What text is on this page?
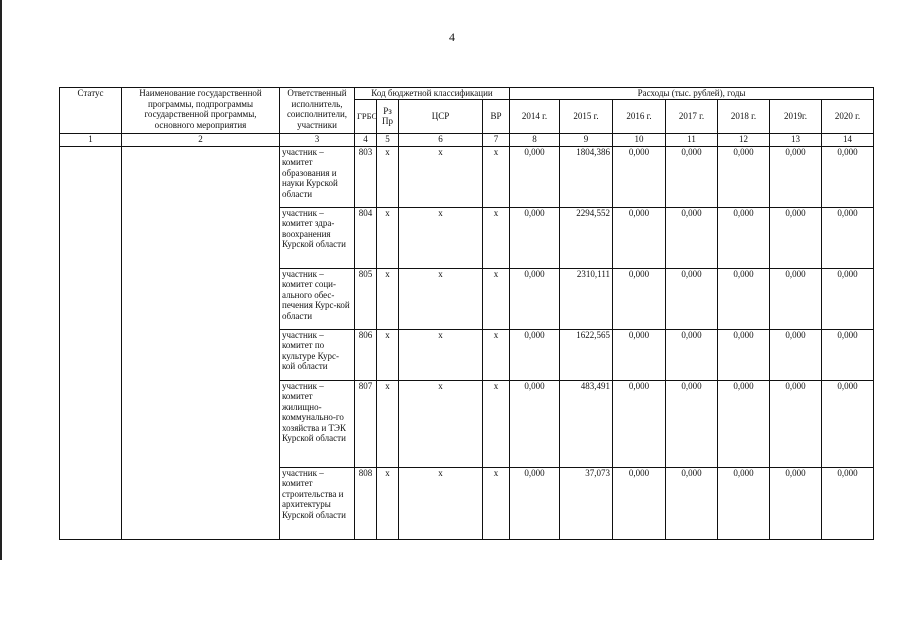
4
Статус	Наименование государственной программы, подпрограммы государственной программы, основного мероприятия	Ответственный исполнитель, соисполнители, участники	Код бюджетной классификации				Расходы (тыс. рублей), годы						
			ГРБС	Рз Пр	ЦСР	ВР	2014 г.	2015 г.	2016 г.	2017 г.	2018 г.	2019г.	2020 г.
1	2	3	4	5	6	7	8	9	10	11	12	13	14
		участник – комитет образования и науки Курской области	803	х	х	х	0,000	1804,386	0,000	0,000	0,000	0,000	0,000
		участник – комитет здра-воохранения Курской области	804	х	х	х	0,000	2294,552	0,000	0,000	0,000	0,000	0,000
		участник – комитет соци-ального обес-печения Курс-кой области	805	х	х	х	0,000	2310,111	0,000	0,000	0,000	0,000	0,000
		участник – комитет по культуре Курс-кой области	806	х	х	х	0,000	1622,565	0,000	0,000	0,000	0,000	0,000
		участник – комитет жилищно-коммунально-го хозяйства и ТЭК Курской области	807	х	х	х	0,000	483,491	0,000	0,000	0,000	0,000	0,000
		участник – комитет строительства и архитектуры Курской области	808	х	х	х	0,000	37,073	0,000	0,000	0,000	0,000	0,000
